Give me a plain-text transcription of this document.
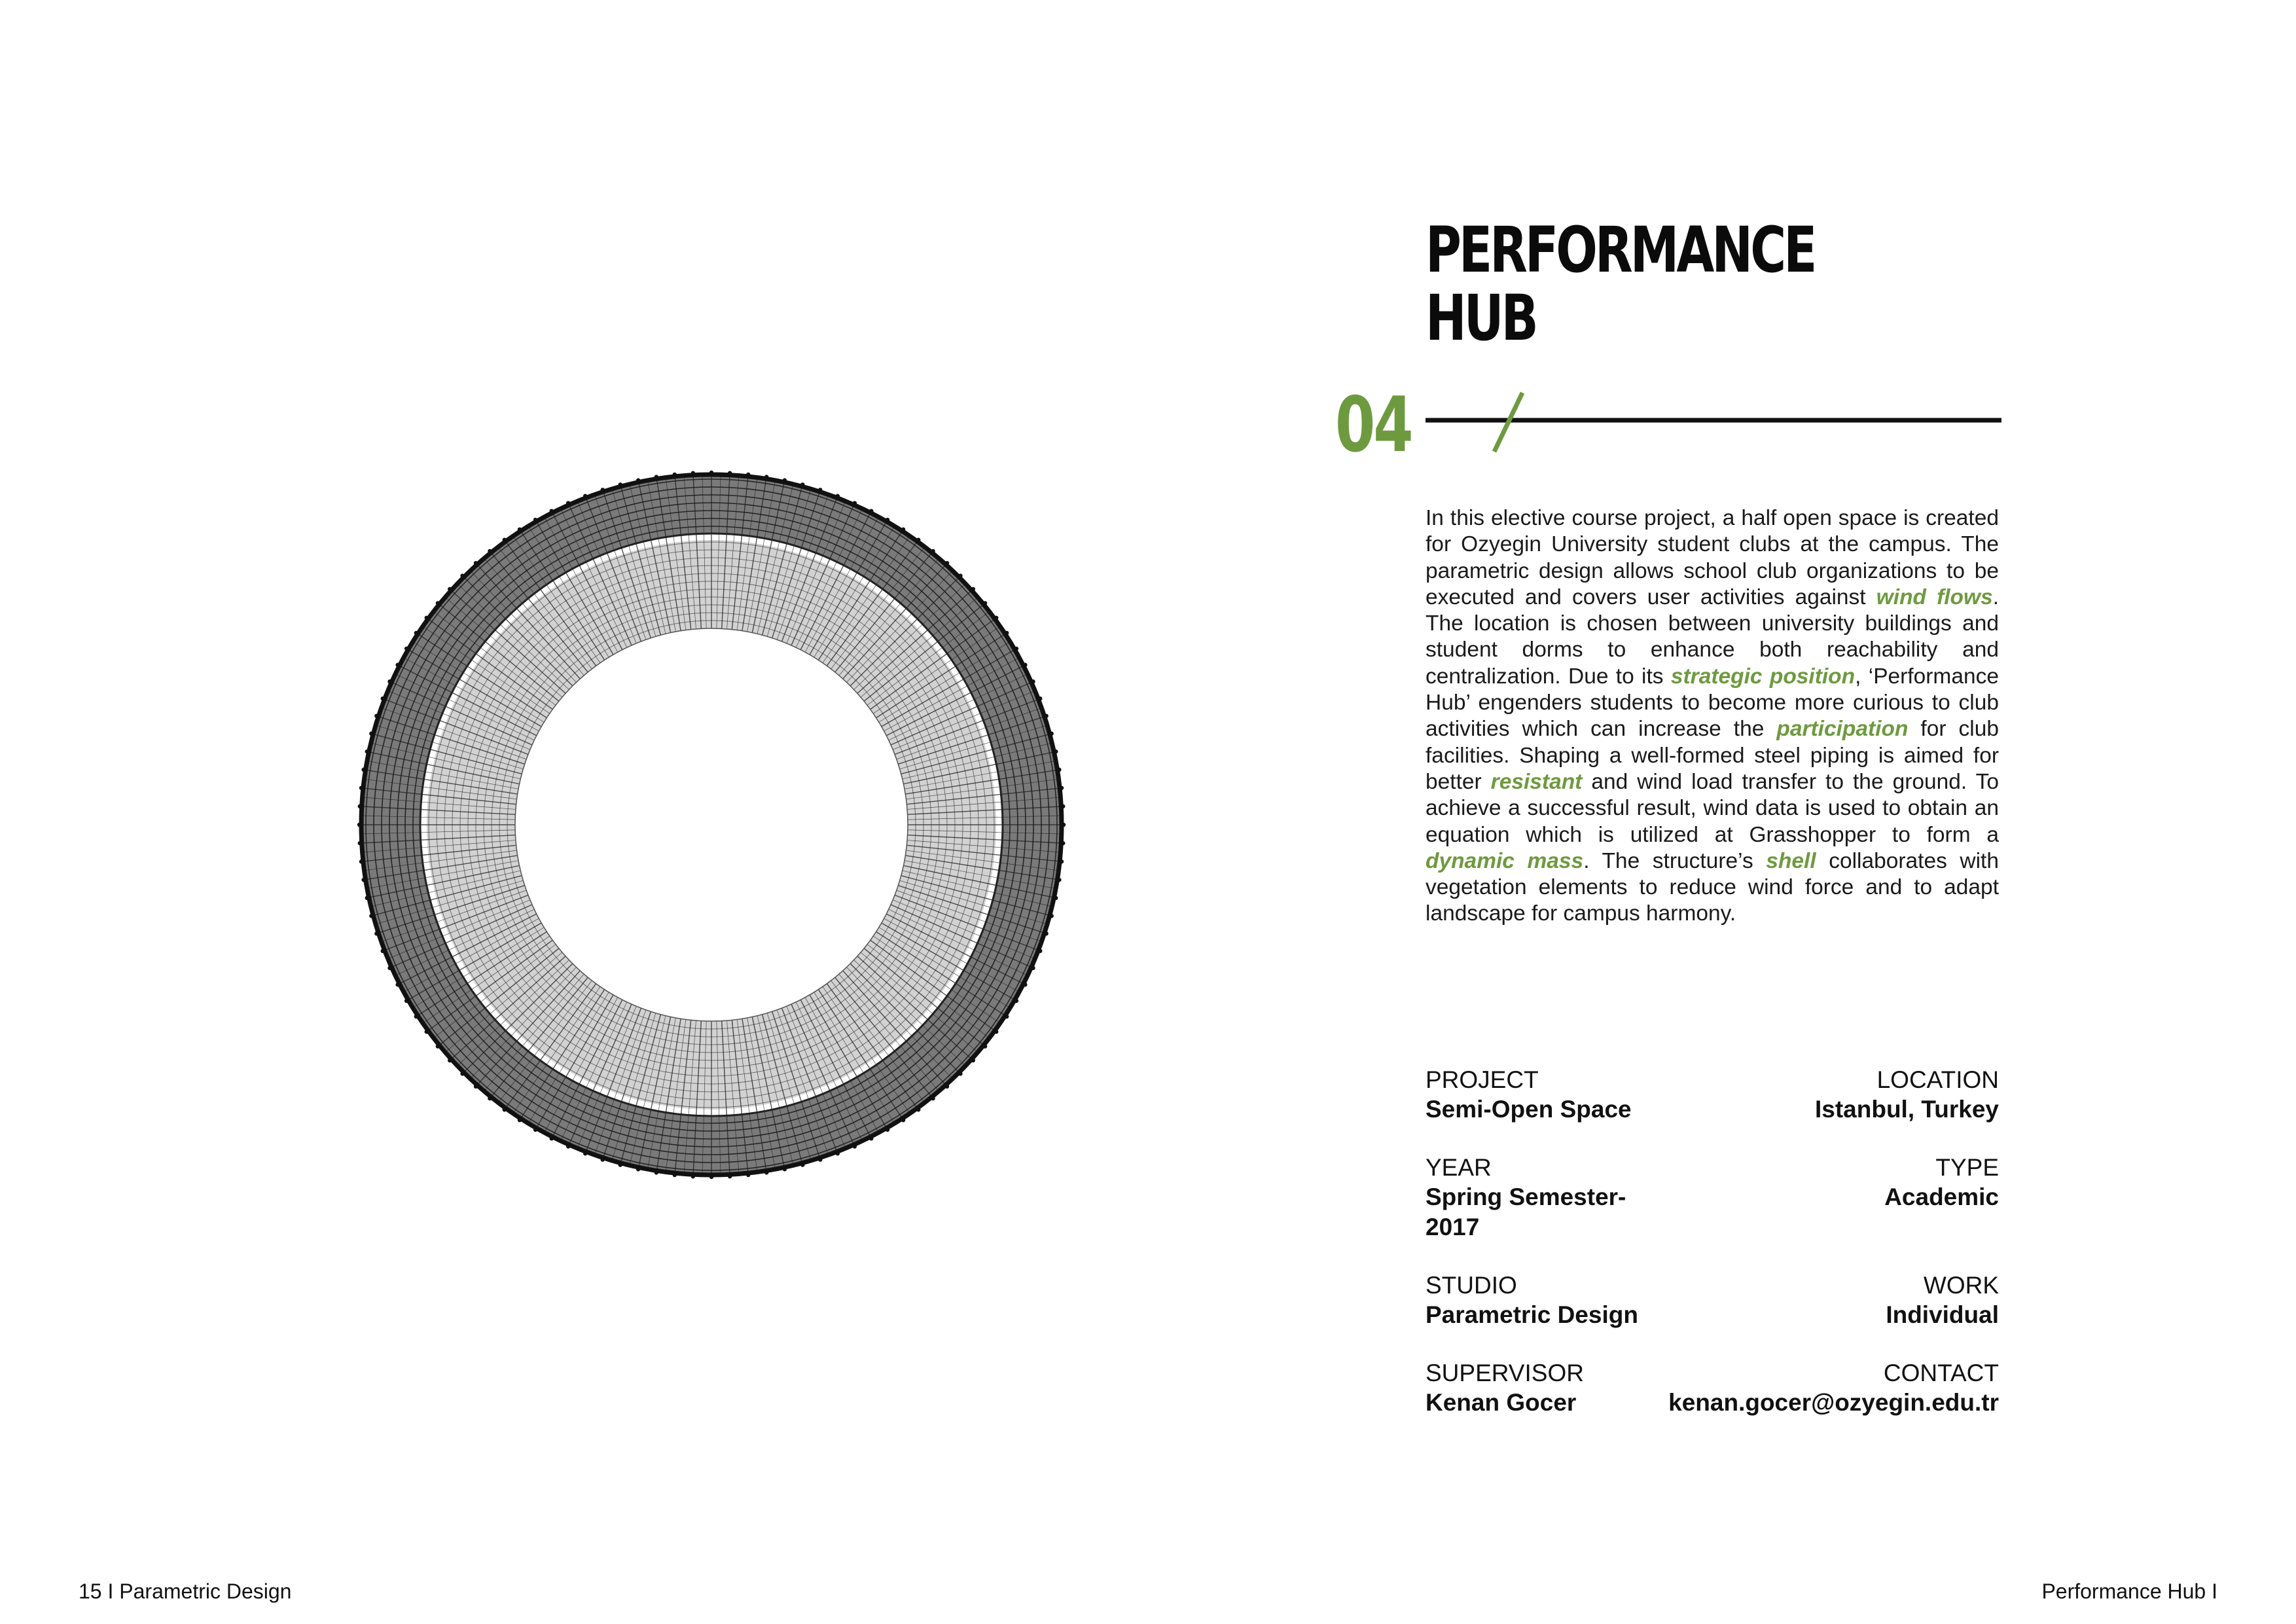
PERFORMANCE
HUB
04

In this elective course project, a half open space is created for Ozyegin University student clubs at the campus. The parametric design allows school club organizations to be executed and covers user activities against wind flows. The location is chosen between university buildings and student dorms to enhance both reachability and centralization. Due to its strategic position, ‘Performance Hub’ engenders students to become more curious to club activities which can increase the participation for club facilities. Shaping a well-formed steel piping is aimed for better resistant and wind load transfer to the ground. To achieve a successful result, wind data is used to obtain an equation which is utilized at Grasshopper to form a dynamic mass. The structure’s shell collaborates with vegetation elements to reduce wind force and to adapt landscape for campus harmony.

PROJECT
Semi-Open Space
LOCATION
Istanbul, Turkey
YEAR
Spring Semester- 2017
TYPE
Academic
STUDIO
Parametric Design
WORK
Individual
SUPERVISOR
Kenan Gocer
CONTACT
kenan.gocer@ozyegin.edu.tr
15 I Parametric Design	Performance Hub I
